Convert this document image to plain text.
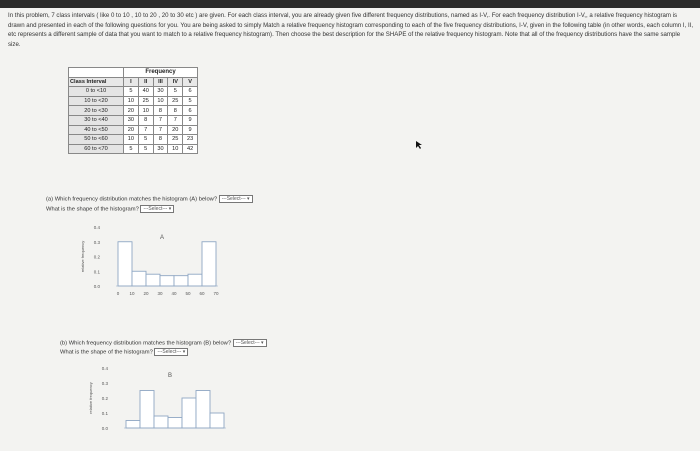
In this problem, 7 class intervals ( like 0 to 10 , 10 to 20 , 20 to 30 etc ) are given. For each class interval, you are already given five different frequency distributions, named as I-V,. For each frequency distribution I-V,, a relative frequency histogram is drawn and presented in each of the following questions for you. You are being asked to simply Match a relative frequency histogram corresponding to each of the five frequency distributions, I-V, given in the following table (in other words, each column I, II, etc represents a different sample of data that you want to match to a relative frequency histogram). Then choose the best description for the SHAPE of the relative frequency histogram. Note that all of the frequency distributions have the same sample size.
	Frequency				
Class Interval	I	II	III	IV	V
0 to <10	5	40	30	5	6
10 to <20	10	25	10	25	5
20 to <30	20	10	8	8	6
30 to <40	30	8	7	7	9
40 to <50	20	7	7	20	9
50 to <60	10	5	8	25	23
60 to <70	5	5	30	10	42
(a) Which frequency distribution matches the histogram (A) below? ---Select--- ▾
What is the shape of the histogram? ---Select--- ▾
relative frequency
0.4
0.3
0.2
0.1
0.0
0 10 20 30 40 50 60 70
A
(b) Which frequency distribution matches the histogram (B) below? ---Select--- ▾
What is the shape of the histogram? ---Select--- ▾
relative frequency
0.4
0.3
0.2
0.1
0.0
B
